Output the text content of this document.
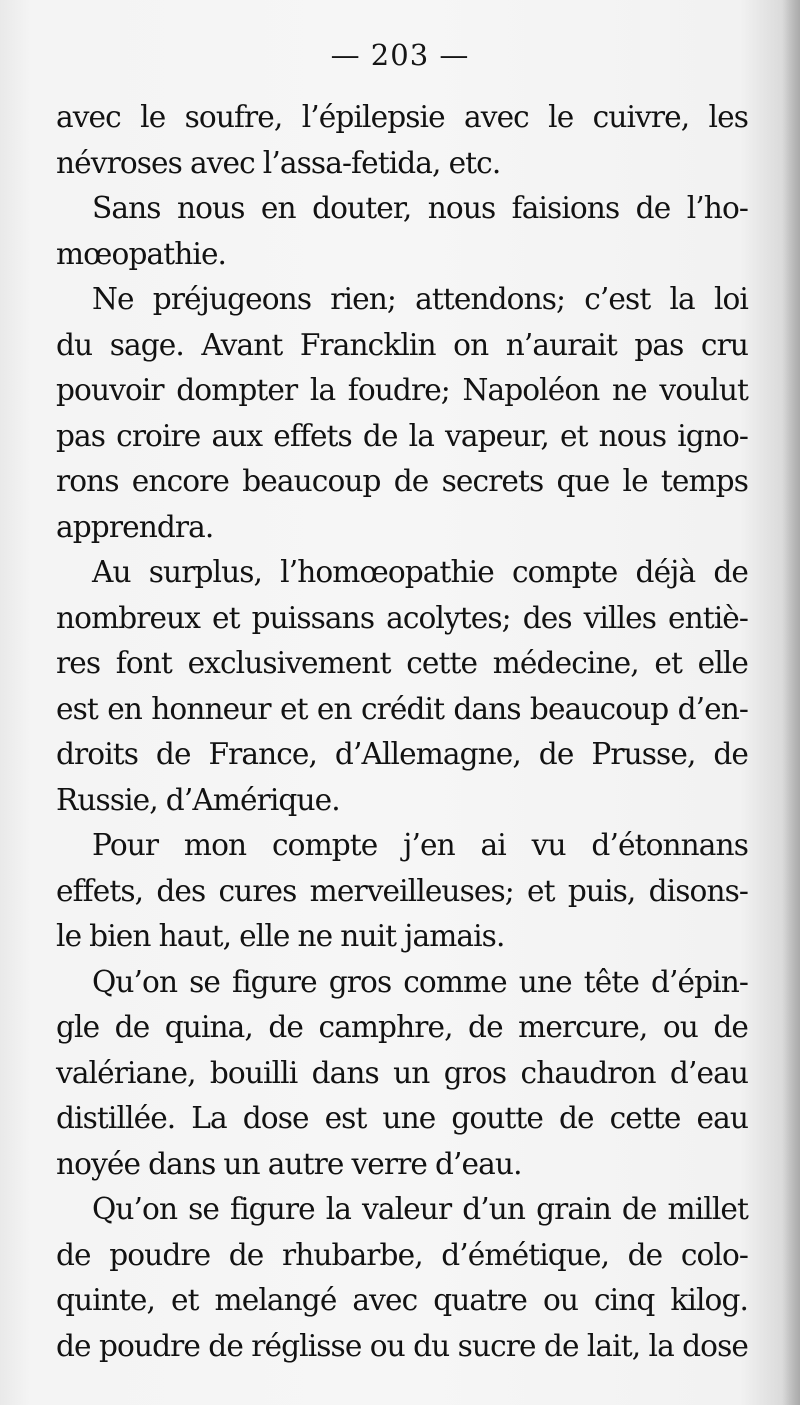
— 203 —
avec le soufre, l’épilepsie avec le cuivre, les
névroses avec l’assa-fetida, etc.
Sans nous en douter, nous faisions de l’ho-
mœopathie.
Ne préjugeons rien; attendons; c’est la loi
du sage. Avant Francklin on n’aurait pas cru
pouvoir dompter la foudre; Napoléon ne voulut
pas croire aux effets de la vapeur, et nous igno-
rons encore beaucoup de secrets que le temps
apprendra.
Au surplus, l’homœopathie compte déjà de
nombreux et puissans acolytes; des villes entiè-
res font exclusivement cette médecine, et elle
est en honneur et en crédit dans beaucoup d’en-
droits de France, d’Allemagne, de Prusse, de
Russie, d’Amérique.
Pour mon compte j’en ai vu d’étonnans
effets, des cures merveilleuses; et puis, disons-
le bien haut, elle ne nuit jamais.
Qu’on se figure gros comme une tête d’épin-
gle de quina, de camphre, de mercure, ou de
valériane, bouilli dans un gros chaudron d’eau
distillée. La dose est une goutte de cette eau
noyée dans un autre verre d’eau.
Qu’on se figure la valeur d’un grain de millet
de poudre de rhubarbe, d’émétique, de colo-
quinte, et melangé avec quatre ou cinq kilog.
de poudre de réglisse ou du sucre de lait, la dose
